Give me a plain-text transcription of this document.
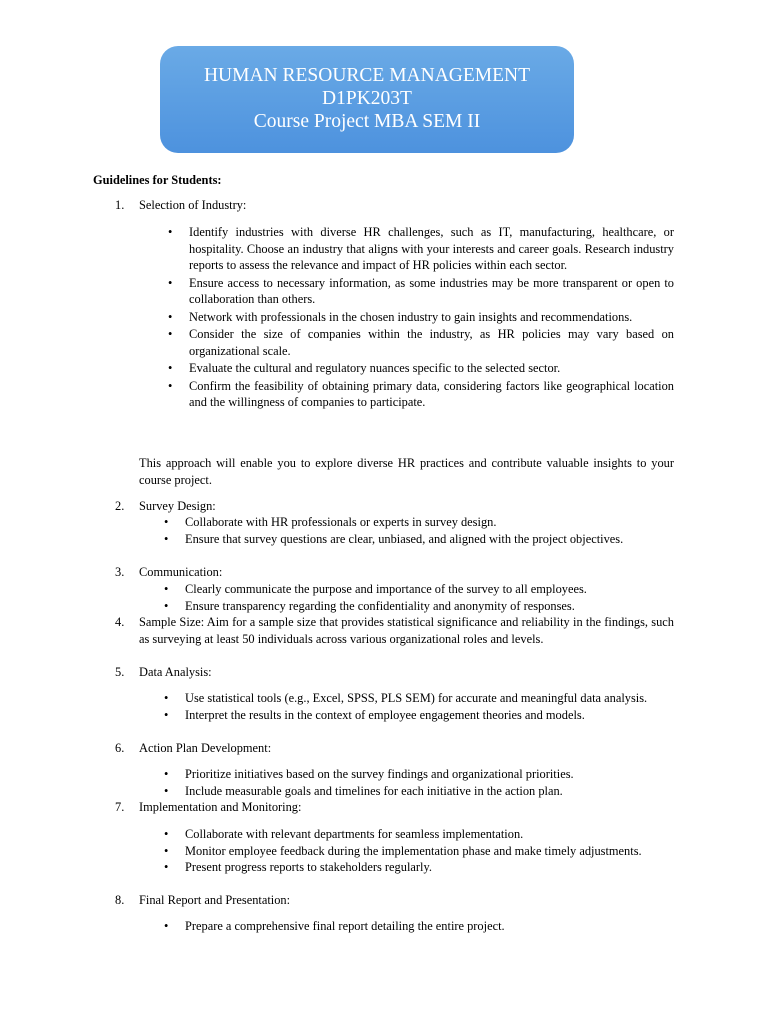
HUMAN RESOURCE MANAGEMENT
D1PK203T
Course Project MBA SEM II
Guidelines for Students:
1.	Selection of Industry:
• Identify industries with diverse HR challenges, such as IT, manufacturing, healthcare, or hospitality. Choose an industry that aligns with your interests and career goals. Research industry reports to assess the relevance and impact of HR policies within each sector.
• Ensure access to necessary information, as some industries may be more transparent or open to collaboration than others.
• Network with professionals in the chosen industry to gain insights and recommendations.
• Consider the size of companies within the industry, as HR policies may vary based on organizational scale.
• Evaluate the cultural and regulatory nuances specific to the selected sector.
• Confirm the feasibility of obtaining primary data, considering factors like geographical location and the willingness of companies to participate.
This approach will enable you to explore diverse HR practices and contribute valuable insights to your course project.
2.	Survey Design:
• Collaborate with HR professionals or experts in survey design.
• Ensure that survey questions are clear, unbiased, and aligned with the project objectives.
3.	Communication:
• Clearly communicate the purpose and importance of the survey to all employees.
• Ensure transparency regarding the confidentiality and anonymity of responses.
4.	Sample Size: Aim for a sample size that provides statistical significance and reliability in the findings, such as surveying at least 50 individuals across various organizational roles and levels.
5.	Data Analysis:
• Use statistical tools (e.g., Excel, SPSS, PLS SEM) for accurate and meaningful data analysis.
• Interpret the results in the context of employee engagement theories and models.
6.	Action Plan Development:
• Prioritize initiatives based on the survey findings and organizational priorities.
• Include measurable goals and timelines for each initiative in the action plan.
7.	Implementation and Monitoring:
• Collaborate with relevant departments for seamless implementation.
• Monitor employee feedback during the implementation phase and make timely adjustments.
• Present progress reports to stakeholders regularly.
8.	Final Report and Presentation:
• Prepare a comprehensive final report detailing the entire project.
